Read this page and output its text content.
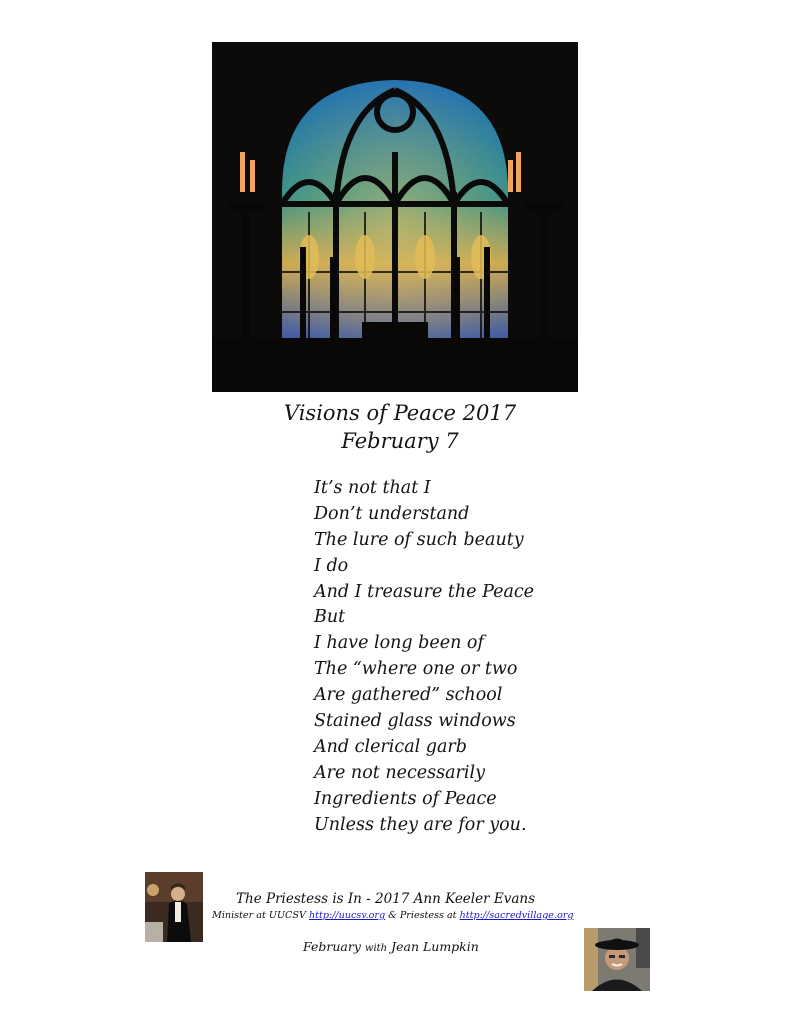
Visions of Peace 2017
February 7
It’s not that I
Don’t understand
The lure of such beauty
I do
And I treasure the Peace
But
I have long been of
The “where one or two
Are gathered” school
Stained glass windows
And clerical garb
Are not necessarily
Ingredients of Peace
Unless they are for you.
The Priestess is In - 2017 Ann Keeler Evans
Minister at UUCSV http://uucsv.org & Priestess at http://sacredvillage.org
February with Jean Lumpkin
